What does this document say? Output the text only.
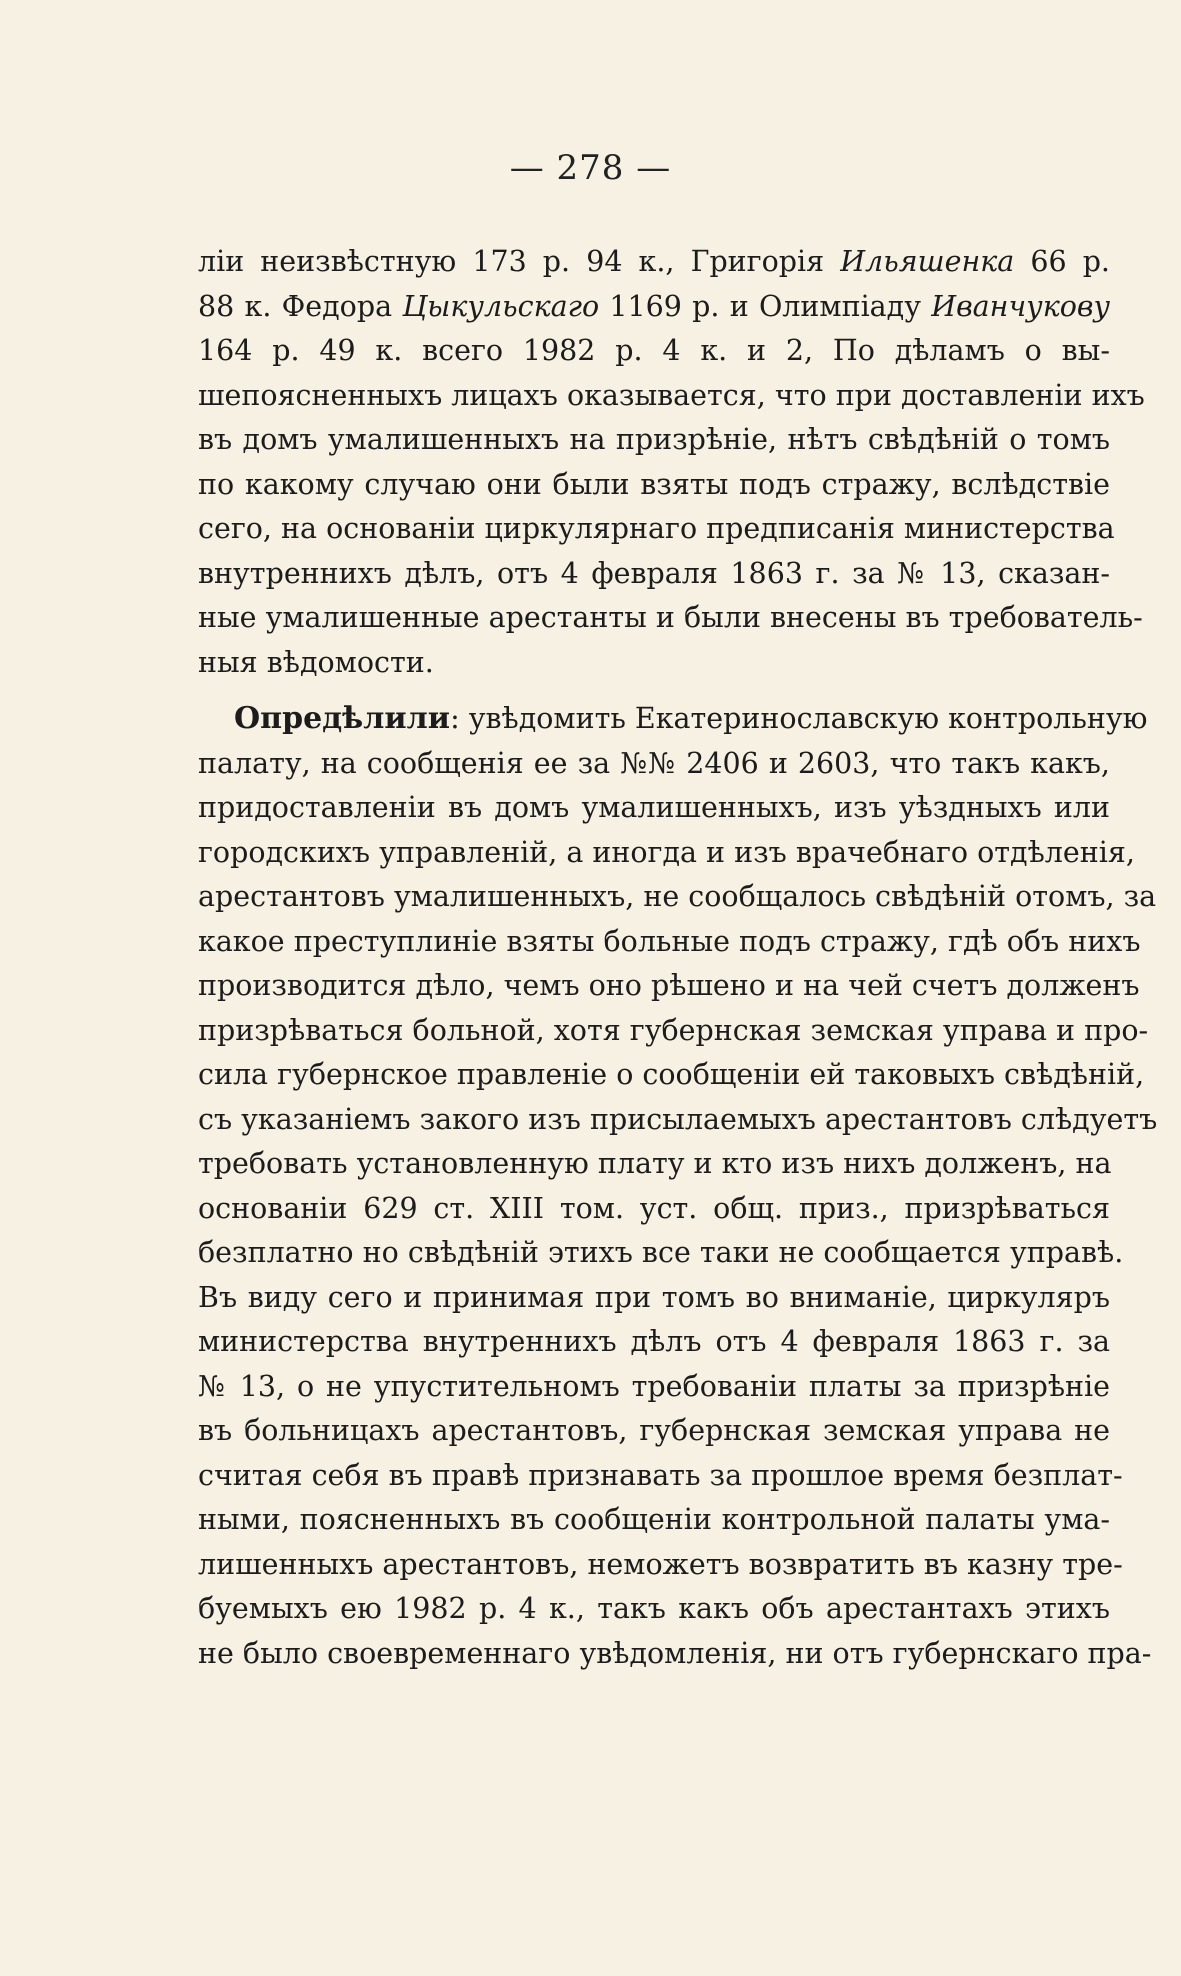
— 278 —
лiи неизвѣстную 173 р. 94 к., Григорiя Ильяшенка 66 р.
88 к. Федора Цыкульскаго 1169 р. и Олимпiаду Иванчукову
164 р. 49 к. всего 1982 р. 4 к. и 2, По дѣламъ о вы-
шепоясненныхъ лицахъ оказывается, что при доставленiи ихъ
въ домъ умалишенныхъ на призрѣнiе, нѣтъ свѣдѣнiй о томъ
по какому случаю они были взяты подъ стражу, вслѣдствiе
сего, на основанiи циркулярнаго предписанiя министерства
внутреннихъ дѣлъ, отъ 4 февраля 1863 г. за № 13, сказан-
ные умалишенные арестанты и были внесены въ требователь-
ныя вѣдомости.
Опредѣлили: увѣдомить Екатеринославскую контрольную
палату, на сообщенiя ее за №№ 2406 и 2603, что такъ какъ,
придоставленiи въ домъ умалишенныхъ, изъ уѣздныхъ или
городскихъ управленiй, а иногда и изъ врачебнаго отдѣленiя,
арестантовъ умалишенныхъ, не сообщалось свѣдѣнiй отомъ, за
какое преступлинiе взяты больные подъ стражу, гдѣ объ нихъ
производится дѣло, чемъ оно рѣшено и на чей счетъ долженъ
призрѣваться больной, хотя губернская земская управа и про-
сила губернское правленiе о сообщенiи ей таковыхъ свѣдѣнiй,
съ указанiемъ закого изъ присылаемыхъ арестантовъ слѣдуетъ
требовать установленную плату и кто изъ нихъ долженъ, на
основанiи 629 ст. XIII том. уст. общ. приз., призрѣваться
безплатно но свѣдѣнiй этихъ все таки не сообщается управѣ.
Въ виду сего и принимая при томъ во вниманiе, циркуляръ
министерства внутреннихъ дѣлъ отъ 4 февраля 1863 г. за
№ 13, о не упустительномъ требованiи платы за призрѣнiе
въ больницахъ арестантовъ, губернская земская управа не
считая себя въ правѣ признавать за прошлое время безплат-
ными, поясненныхъ въ сообщенiи контрольной палаты ума-
лишенныхъ арестантовъ, неможетъ возвратить въ казну тре-
буемыхъ ею 1982 р. 4 к., такъ какъ объ арестантахъ этихъ
не было своевременнаго увѣдомленiя, ни отъ губернскаго пра-
